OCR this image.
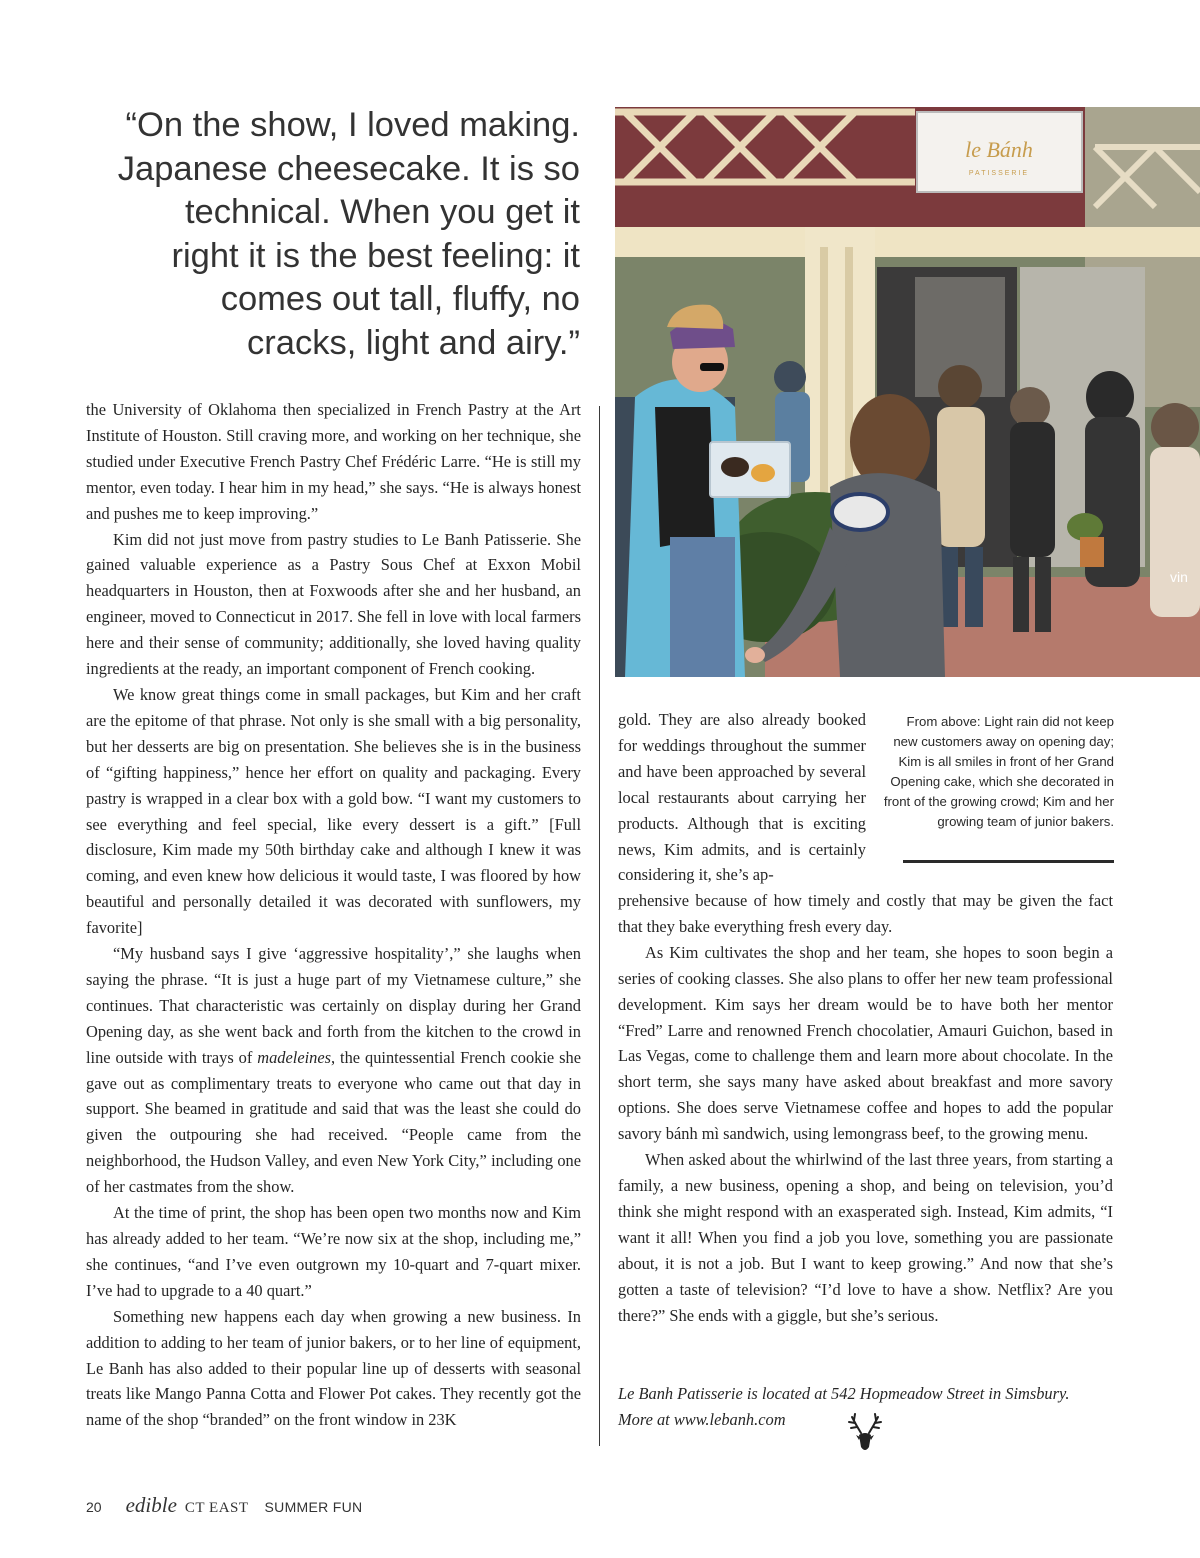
“On the show, I loved making. Japanese cheesecake. It is so technical. When you get it right it is the best feeling: it comes out tall, fluffy, no cracks, light and airy.”

le Bánh
PATISSERIE
vin

the University of Oklahoma then specialized in French Pastry at the Art Institute of Houston. Still craving more, and working on her technique, she studied under Executive French Pastry Chef Frédéric Larre. “He is still my mentor, even today. I hear him in my head,” she says. “He is always honest and pushes me to keep improving.”

Kim did not just move from pastry studies to Le Banh Patisserie. She gained valuable experience as a Pastry Sous Chef at Exxon Mobil headquarters in Houston, then at Foxwoods after she and her husband, an engineer, moved to Connecticut in 2017. She fell in love with local farmers here and their sense of community; additionally, she loved having quality ingredients at the ready, an important component of French cooking.

We know great things come in small packages, but Kim and her craft are the epitome of that phrase. Not only is she small with a big personality, but her desserts are big on presentation. She believes she is in the business of “gifting happiness,” hence her effort on quality and packaging. Every pastry is wrapped in a clear box with a gold bow. “I want my customers to see everything and feel special, like every dessert is a gift.” [Full disclosure, Kim made my 50th birthday cake and although I knew it was coming, and even knew how delicious it would taste, I was floored by how beautiful and personally detailed it was decorated with sunflowers, my favorite]

“My husband says I give ‘aggressive hospitality’,” she laughs when saying the phrase. “It is just a huge part of my Vietnamese culture,” she continues. That characteristic was certainly on display during her Grand Opening day, as she went back and forth from the kitchen to the crowd in line outside with trays of madeleines, the quintessential French cookie she gave out as complimentary treats to everyone who came out that day in support. She beamed in gratitude and said that was the least she could do given the outpouring she had received. “People came from the neighborhood, the Hudson Valley, and even New York City,” including one of her castmates from the show.

At the time of print, the shop has been open two months now and Kim has already added to her team. “We’re now six at the shop, including me,” she continues, “and I’ve even outgrown my 10-quart and 7-quart mixer. I’ve had to upgrade to a 40 quart.”

Something new happens each day when growing a new business. In addition to adding to her team of junior bakers, or to her line of equipment, Le Banh has also added to their popular line up of desserts with seasonal treats like Mango Panna Cotta and Flower Pot cakes. They recently got the name of the shop “branded” on the front window in 23K

gold. They are also already booked for weddings throughout the summer and have been approached by several local restaurants about carrying her products. Although that is exciting news, Kim admits, and is certainly considering it, she’s ap-

From above: Light rain did not keep new customers away on opening day; Kim is all smiles in front of her Grand Opening cake, which she decorated in front of the growing crowd; Kim and her growing team of junior bakers.

prehensive because of how timely and costly that may be given the fact that they bake everything fresh every day.

As Kim cultivates the shop and her team, she hopes to soon begin a series of cooking classes. She also plans to offer her new team professional development. Kim says her dream would be to have both her mentor “Fred” Larre and renowned French chocolatier, Amauri Guichon, based in Las Vegas, come to challenge them and learn more about chocolate. In the short term, she says many have asked about breakfast and more savory options. She does serve Vietnamese coffee and hopes to add the popular savory bánh mì sandwich, using lemongrass beef, to the growing menu.

When asked about the whirlwind of the last three years, from starting a family, a new business, opening a shop, and being on television, you’d think she might respond with an exasperated sigh. Instead, Kim admits, “I want it all! When you find a job you love, something you are passionate about, it is not a job. But I want to keep growing.” And now that she’s gotten a taste of television? “I’d love to have a show. Netflix? Are you there?” She ends with a giggle, but she’s serious.

Le Banh Patisserie is located at 542 Hopmeadow Street in Simsbury.
More at www.lebanh.com
20 edible CT EAST SUMMER FUN
